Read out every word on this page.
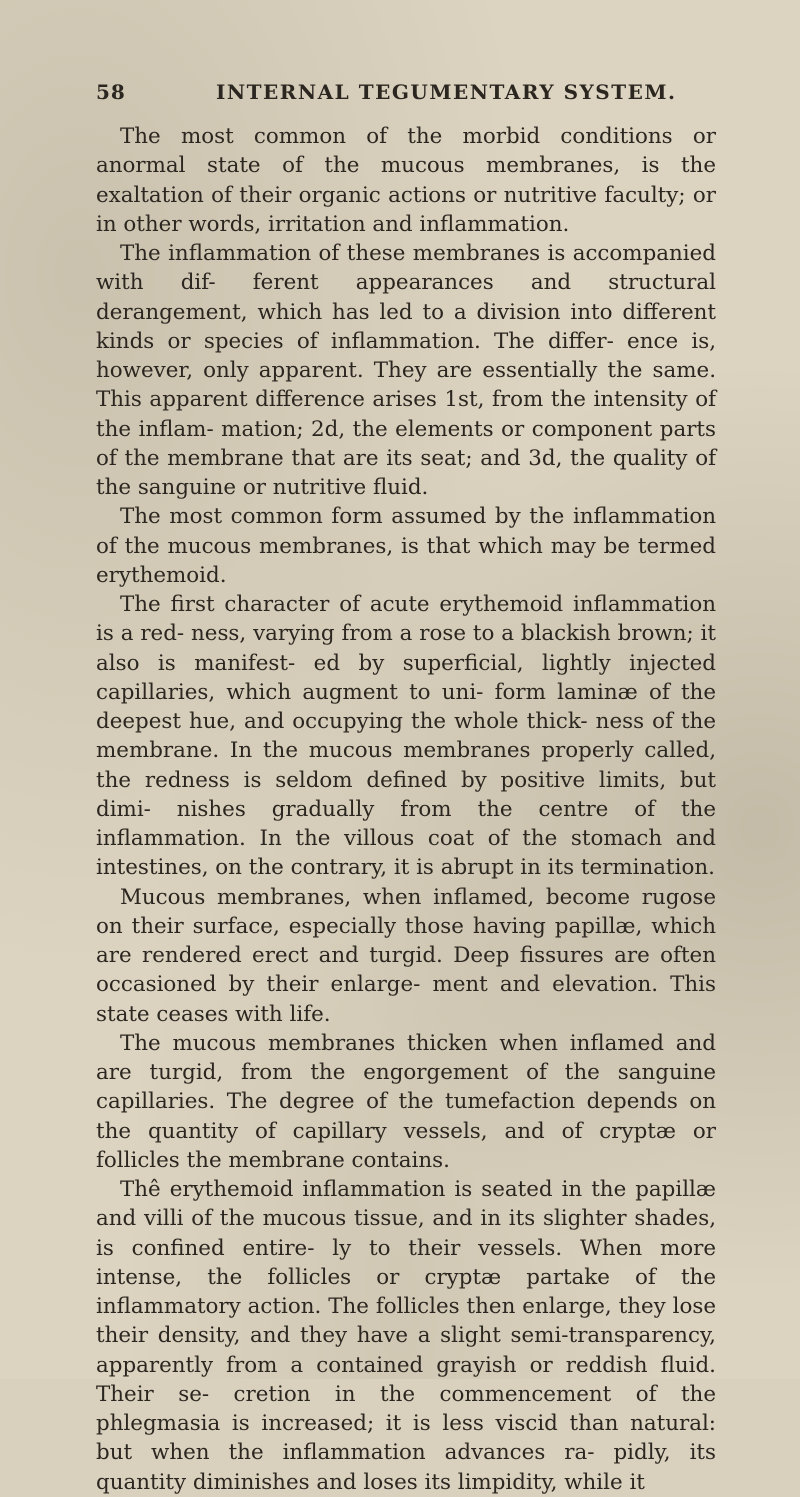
58	INTERNAL TEGUMENTARY SYSTEM.

The most common of the morbid conditions or anormal state of the mucous membranes, is the exaltation of their organic actions or nutritive faculty; or in other words, irritation and inflammation.

The inflammation of these membranes is accompanied with dif- ferent appearances and structural derangement, which has led to a division into different kinds or species of inflammation. The differ- ence is, however, only apparent. They are essentially the same. This apparent difference arises 1st, from the intensity of the inflam- mation; 2d, the elements or component parts of the membrane that are its seat; and 3d, the quality of the sanguine or nutritive fluid.

The most common form assumed by the inflammation of the mucous membranes, is that which may be termed erythemoid.

The first character of acute erythemoid inflammation is a red- ness, varying from a rose to a blackish brown; it also is manifest- ed by superficial, lightly injected capillaries, which augment to uni- form laminæ of the deepest hue, and occupying the whole thick- ness of the membrane. In the mucous membranes properly called, the redness is seldom defined by positive limits, but dimi- nishes gradually from the centre of the inflammation. In the villous coat of the stomach and intestines, on the contrary, it is abrupt in its termination.

Mucous membranes, when inflamed, become rugose on their surface, especially those having papillæ, which are rendered erect and turgid. Deep fissures are often occasioned by their enlarge- ment and elevation. This state ceases with life.

The mucous membranes thicken when inflamed and are turgid, from the engorgement of the sanguine capillaries. The degree of the tumefaction depends on the quantity of capillary vessels, and of cryptæ or follicles the membrane contains.

Thê erythemoid inflammation is seated in the papillæ and villi of the mucous tissue, and in its slighter shades, is confined entire- ly to their vessels. When more intense, the follicles or cryptæ partake of the inflammatory action. The follicles then enlarge, they lose their density, and they have a slight semi-transparency, apparently from a contained grayish or reddish fluid. Their se- cretion in the commencement of the phlegmasia is increased; it is less viscid than natural: but when the inflammation advances ra- pidly, its quantity diminishes and loses its limpidity, while it
